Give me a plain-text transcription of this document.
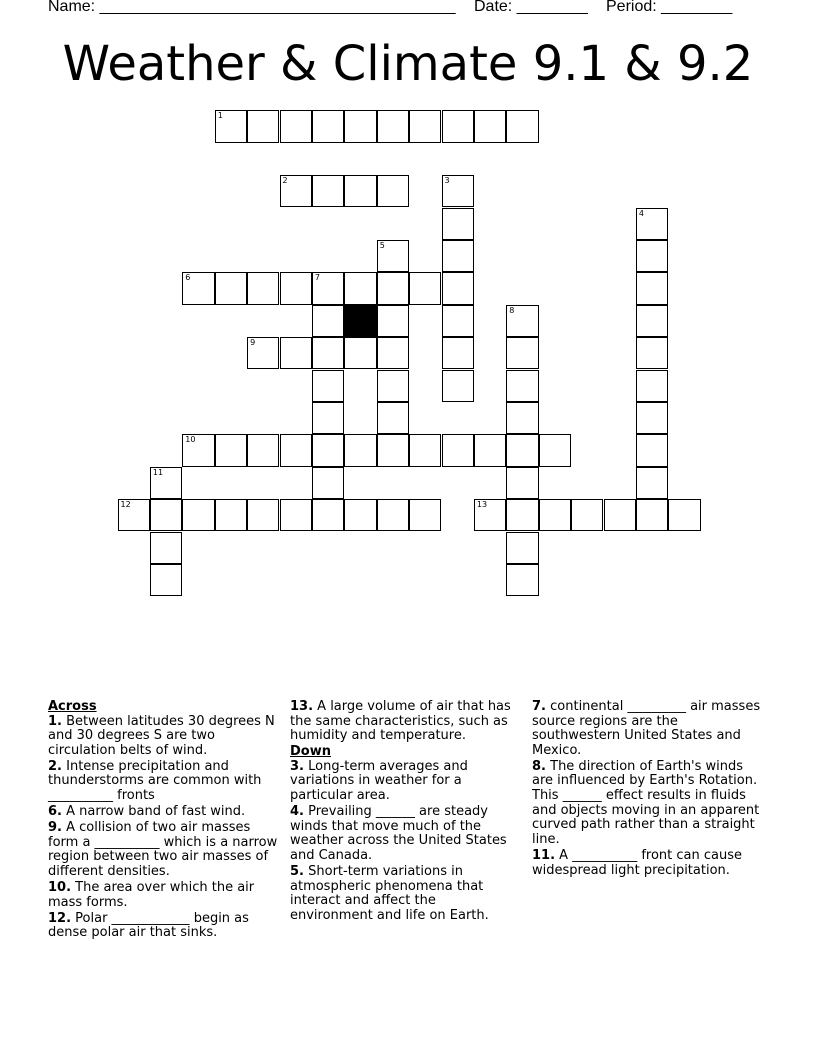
Name: ________________________________________ Date: ________ Period: ________
Weather & Climate 9.1 & 9.2
1
2	3
4
5
6	7
8
9
10
11
12	13

Across

1. Between latitudes 30 degrees N and 30 degrees S are two circulation belts of wind.

2. Intense precipitation and thunderstorms are common with __________ fronts

6. A narrow band of fast wind.

9. A collision of two air masses form a __________ which is a narrow region between two air masses of different densities.

10. The area over which the air mass forms.

12. Polar ____________ begin as dense polar air that sinks.

13. A large volume of air that has the same characteristics, such as humidity and temperature.

Down

3. Long-term averages and variations in weather for a particular area.

4. Prevailing ______ are steady winds that move much of the weather across the United States and Canada.

5. Short-term variations in atmospheric phenomena that interact and affect the environment and life on Earth.

7. continental _________ air masses source regions are the southwestern United States and Mexico.

8. The direction of Earth's winds are influenced by Earth's Rotation. This ______ effect results in fluids and objects moving in an apparent curved path rather than a straight line.

11. A __________ front can cause widespread light precipitation.
